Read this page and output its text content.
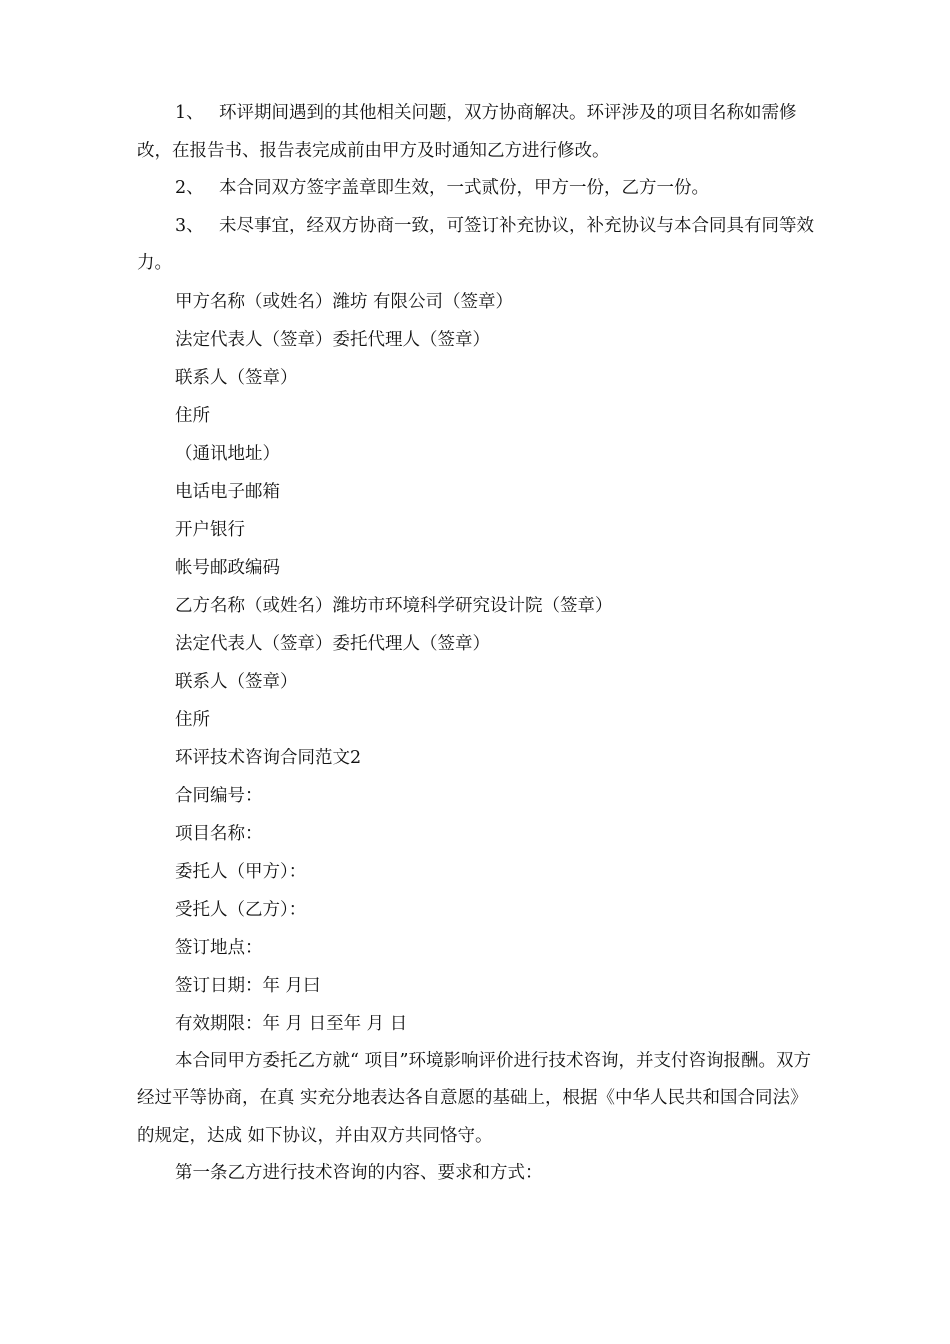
1、 环评期间遇到的其他相关问题，双方协商解决。环评涉及的项目名称如需修改，在报告书、报告表完成前由甲方及时通知乙方进行修改。

2、 本合同双方签字盖章即生效，一式贰份，甲方一份，乙方一份。

3、 未尽事宜，经双方协商一致，可签订补充协议，补充协议与本合同具有同等效力。

甲方名称（或姓名）潍坊 有限公司（签章）

法定代表人（签章）委托代理人（签章）

联系人（签章）

住所

（通讯地址）

电话电子邮箱

开户银行

帐号邮政编码

乙方名称（或姓名）潍坊市环境科学研究设计院（签章）

法定代表人（签章）委托代理人（签章）

联系人（签章）

住所

环评技术咨询合同范文2

合同编号：

项目名称：

委托人（甲方）：

受托人（乙方）：

签订地点：

签订日期：年 月曰

有效期限：年 月 日至年 月 日

本合同甲方委托乙方就“ 项目”环境影响评价进行技术咨询，并支付咨询报酬。双方经过平等协商，在真 实充分地表达各自意愿的基础上，根据《中华人民共和国合同法》的规定，达成 如下协议，并由双方共同恪守。

第一条乙方进行技术咨询的内容、要求和方式：
